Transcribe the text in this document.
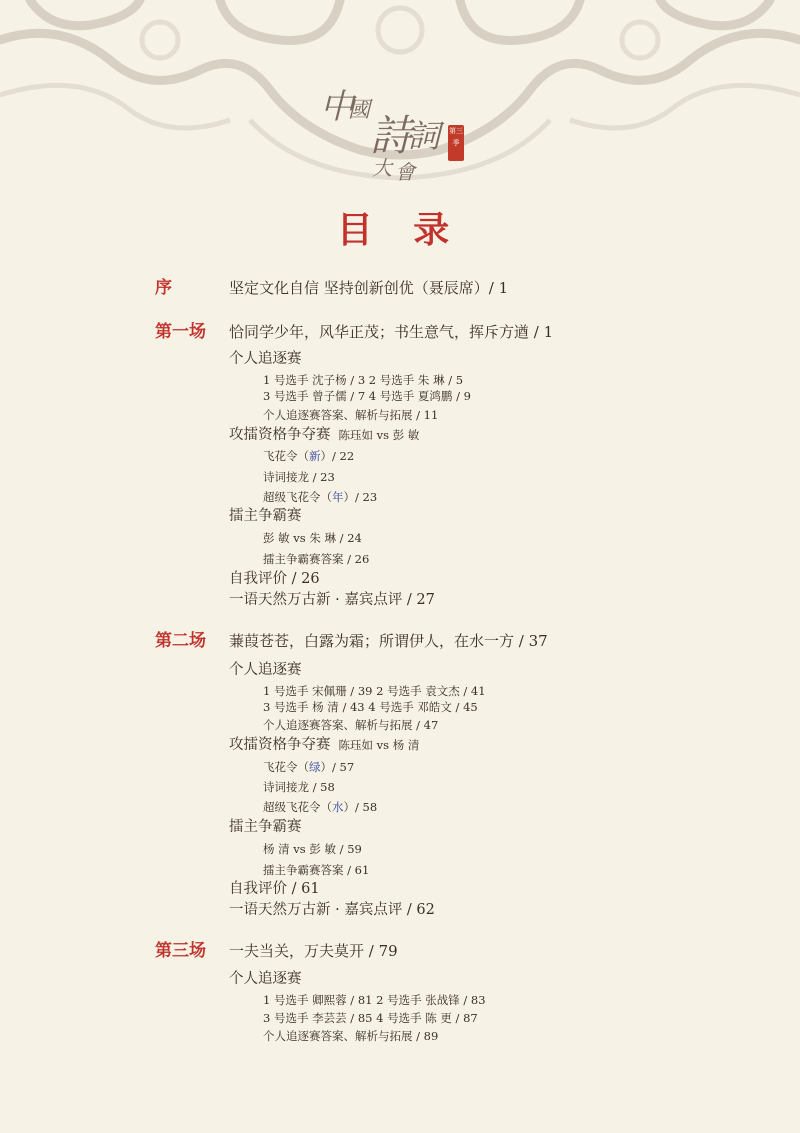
中
國
詩
詞
大 會
第三季
目 录
序	坚定文化自信 坚持创新创优（聂辰席）/ 1
第一场	恰同学少年，风华正茂；书生意气，挥斥方遒 / 1
个人追逐赛
1 号选手 沈子杨 / 3 2 号选手 朱 琳 / 5
3 号选手 曾子儒 / 7 4 号选手 夏鸿鹏 / 9
个人追逐赛答案、解析与拓展 / 11
攻擂资格争夺赛 陈珏如 vs 彭 敏
飞花令（新）/ 22
诗词接龙 / 23
超级飞花令（年）/ 23
擂主争霸赛
彭 敏 vs 朱 琳 / 24
擂主争霸赛答案 / 26
自我评价 / 26
一语天然万古新 · 嘉宾点评 / 27
第二场	蒹葭苍苍，白露为霜；所谓伊人，在水一方 / 37
个人追逐赛
1 号选手 宋佩珊 / 39 2 号选手 袁文杰 / 41
3 号选手 杨 清 / 43 4 号选手 邓皓文 / 45
个人追逐赛答案、解析与拓展 / 47
攻擂资格争夺赛 陈珏如 vs 杨 清
飞花令（绿）/ 57
诗词接龙 / 58
超级飞花令（水）/ 58
擂主争霸赛
杨 清 vs 彭 敏 / 59
擂主争霸赛答案 / 61
自我评价 / 61
一语天然万古新 · 嘉宾点评 / 62
第三场	一夫当关，万夫莫开 / 79
个人追逐赛
1 号选手 卿熙蓉 / 81 2 号选手 张战锋 / 83
3 号选手 李芸芸 / 85 4 号选手 陈 更 / 87
个人追逐赛答案、解析与拓展 / 89
